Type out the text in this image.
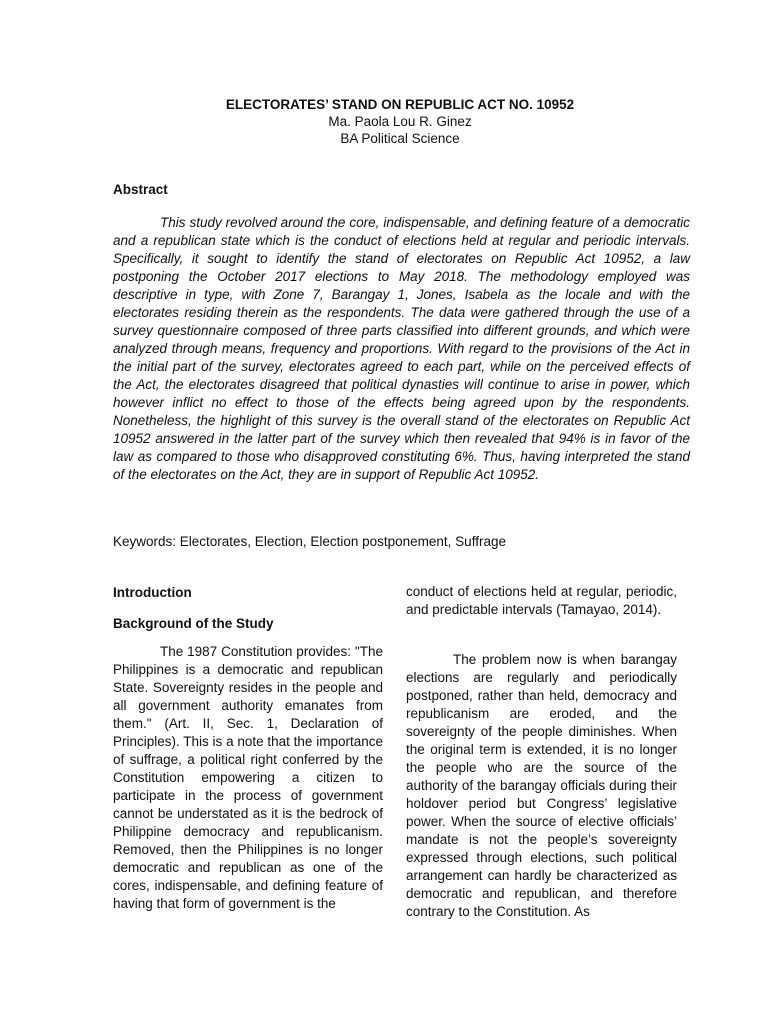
ELECTORATES’ STAND ON REPUBLIC ACT NO. 10952
Ma. Paola Lou R. Ginez
BA Political Science
Abstract

This study revolved around the core, indispensable, and defining feature of a democratic and a republican state which is the conduct of elections held at regular and periodic intervals. Specifically, it sought to identify the stand of electorates on Republic Act 10952, a law postponing the October 2017 elections to May 2018. The methodology employed was descriptive in type, with Zone 7, Barangay 1, Jones, Isabela as the locale and with the electorates residing therein as the respondents. The data were gathered through the use of a survey questionnaire composed of three parts classified into different grounds, and which were analyzed through means, frequency and proportions. With regard to the provisions of the Act in the initial part of the survey, electorates agreed to each part, while on the perceived effects of the Act, the electorates disagreed that political dynasties will continue to arise in power, which however inflict no effect to those of the effects being agreed upon by the respondents. Nonetheless, the highlight of this survey is the overall stand of the electorates on Republic Act 10952 answered in the latter part of the survey which then revealed that 94% is in favor of the law as compared to those who disapproved constituting 6%. Thus, having interpreted the stand of the electorates on the Act, they are in support of Republic Act 10952.

Keywords: Electorates, Election, Election postponement, Suffrage
Introduction
Background of the Study

The 1987 Constitution provides: "The Philippines is a democratic and republican State. Sovereignty resides in the people and all government authority emanates from them." (Art. II, Sec. 1, Declaration of Principles). This is a note that the importance of suffrage, a political right conferred by the Constitution empowering a citizen to participate in the process of government cannot be understated as it is the bedrock of Philippine democracy and republicanism. Removed, then the Philippines is no longer democratic and republican as one of the cores, indispensable, and defining feature of having that form of government is the

conduct of elections held at regular, periodic, and predictable intervals (Tamayao, 2014).

The problem now is when barangay elections are regularly and periodically postponed, rather than held, democracy and republicanism are eroded, and the sovereignty of the people diminishes. When the original term is extended, it is no longer the people who are the source of the authority of the barangay officials during their holdover period but Congress’ legislative power. When the source of elective officials’ mandate is not the people’s sovereignty expressed through elections, such political arrangement can hardly be characterized as democratic and republican, and therefore contrary to the Constitution. As
